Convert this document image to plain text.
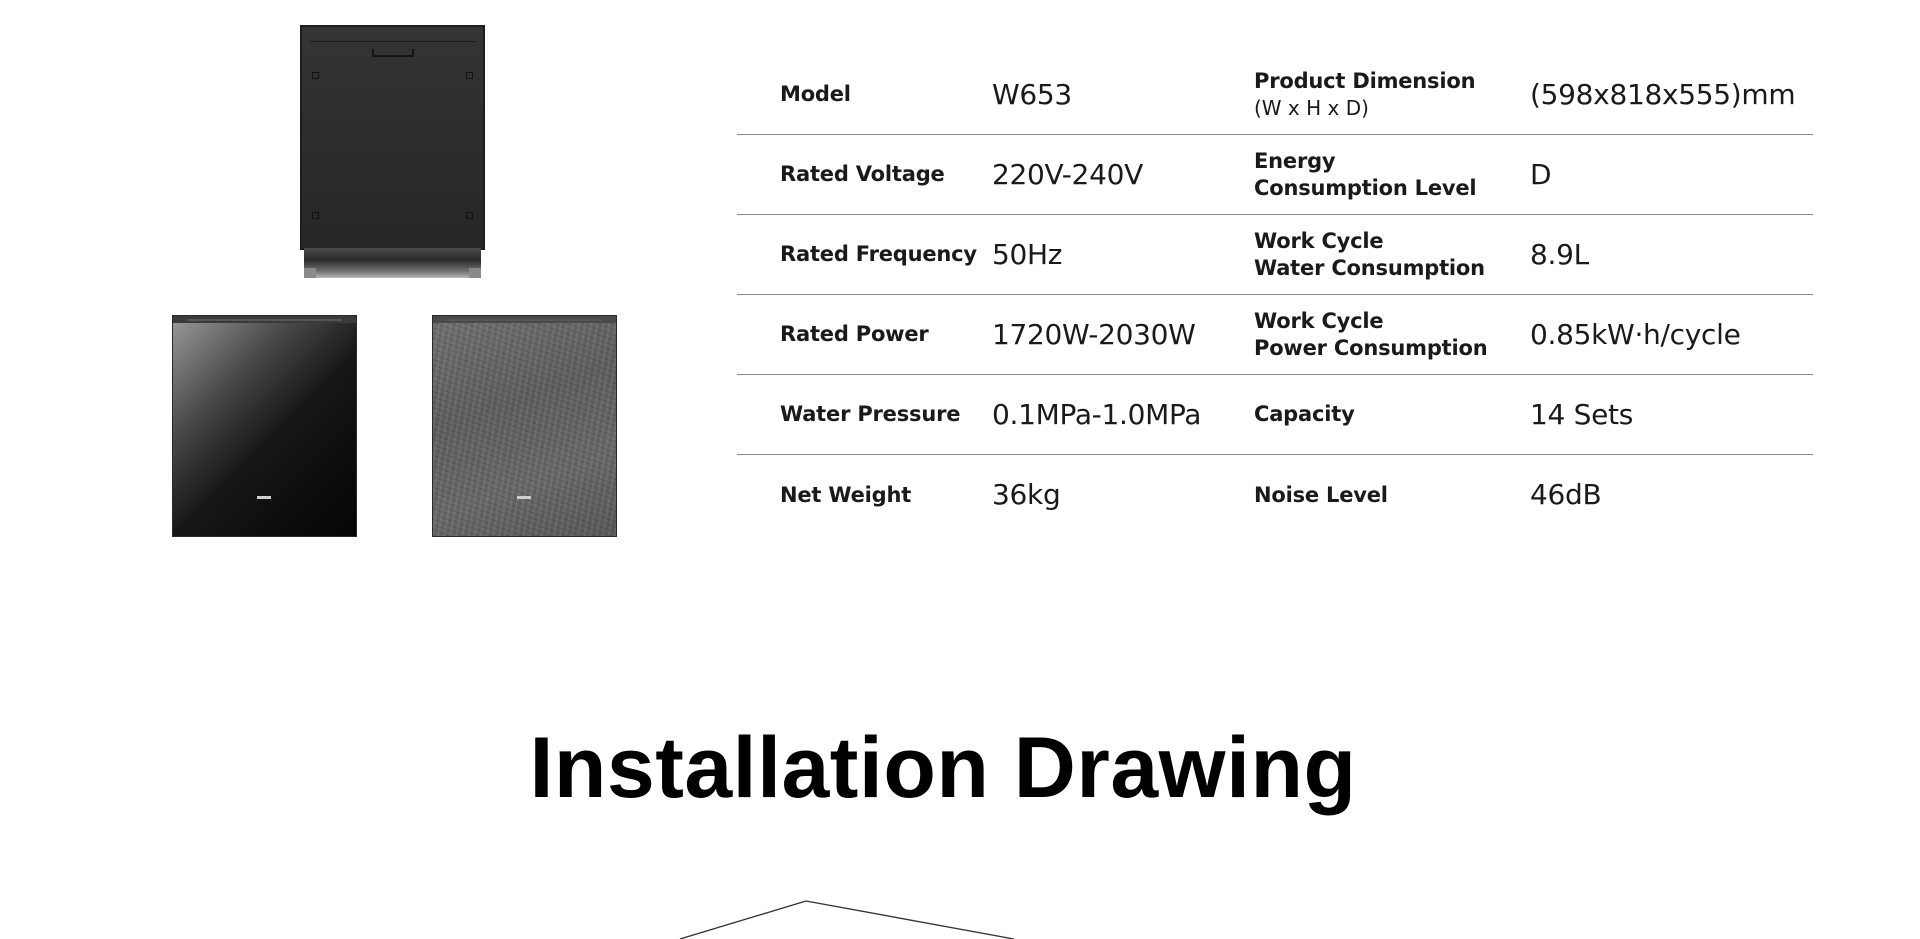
Model	W653	Product Dimension
(W x H x D)	(598x818x555)mm
Rated Voltage	220V-240V	Energy
Consumption Level	D
Rated Frequency 50Hz	Work Cycle
Water Consumption	8.9L
Rated Power	1720W-2030W	Work Cycle
Power Consumption	0.85kW·h/cycle
Water Pressure	0.1MPa-1.0MPa	Capacity	14 Sets
Net Weight	36kg	Noise Level	46dB
Installation Drawing
